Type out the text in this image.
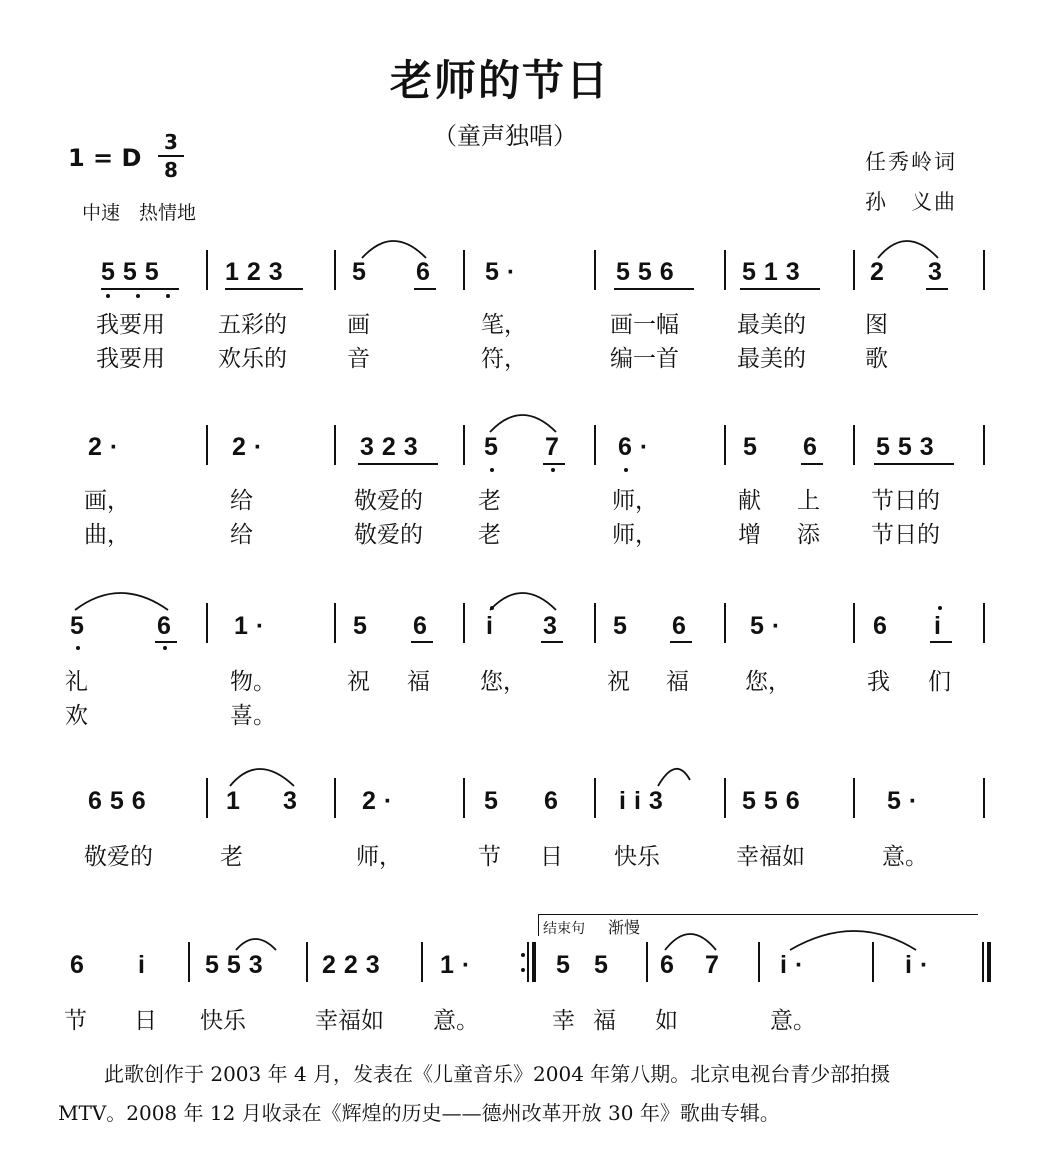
老师的节日
（童声独唱）
1 = D
3
8
中速　热情地
任秀岭词
孙　义曲
555 123 5 6 5·	556 513 2 3
我要用 五彩的	画	笔，	画一幅	最美的	图
我要用 欢乐的	音	符，	编一首	最美的	歌
2·	2·	323 5 7 6·	5 6 553
画，	给	敬爱的 老	师，	献 上 节日的
曲，	给	敬爱的 老	师，	增 添 节日的
5	6 1·	5 6 i 3 5 6 5·	6 i
礼	物。	祝 福 您，	祝 福 您，	我 们
欢	喜。
656	1 3 2·	5 6 ii3	556	5·
敬爱的	老	师，	节 日 快乐	幸福如	意。
结束句 渐慢
6 i 553 223 1·	5 5 6 7 i·	i·
节 日 快乐	幸福如 意。	幸 福 如	意。
此歌创作于 2003 年 4 月，发表在《儿童音乐》2004 年第八期。北京电视台青少部拍摄
MTV。2008 年 12 月收录在《辉煌的历史——德州改革开放 30 年》歌曲专辑。
